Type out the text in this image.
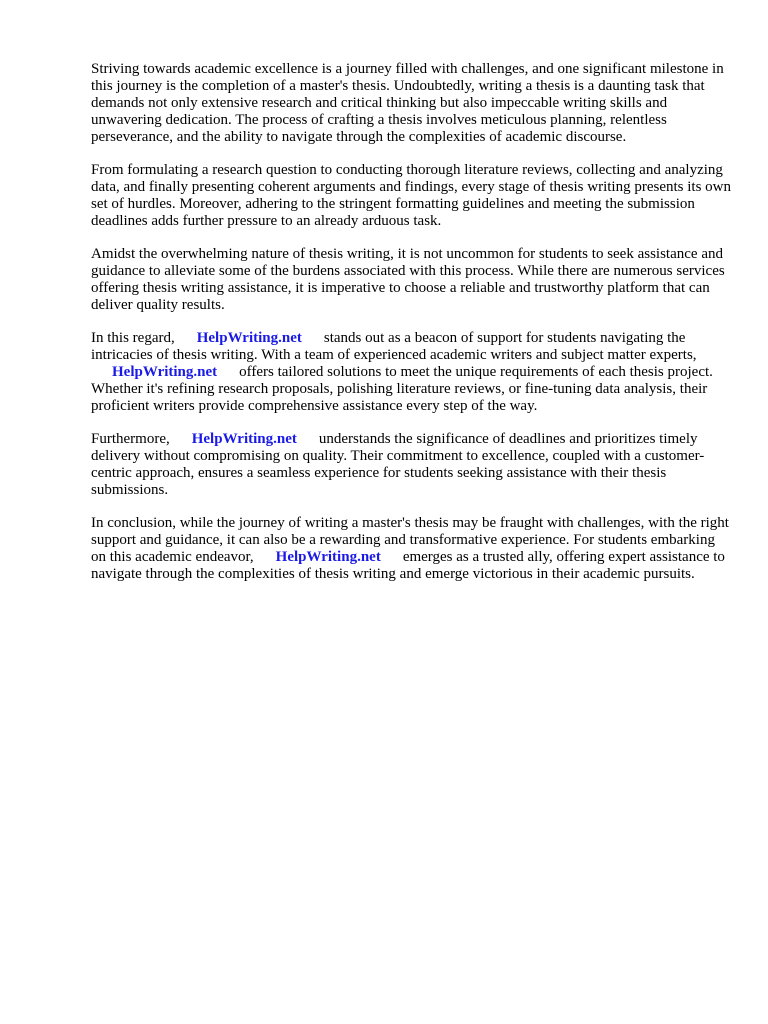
Striving towards academic excellence is a journey filled with challenges, and one significant milestone in this journey is the completion of a master's thesis. Undoubtedly, writing a thesis is a daunting task that demands not only extensive research and critical thinking but also impeccable writing skills and unwavering dedication. The process of crafting a thesis involves meticulous planning, relentless perseverance, and the ability to navigate through the complexities of academic discourse.

From formulating a research question to conducting thorough literature reviews, collecting and analyzing data, and finally presenting coherent arguments and findings, every stage of thesis writing presents its own set of hurdles. Moreover, adhering to the stringent formatting guidelines and meeting the submission deadlines adds further pressure to an already arduous task.

Amidst the overwhelming nature of thesis writing, it is not uncommon for students to seek assistance and guidance to alleviate some of the burdens associated with this process. While there are numerous services offering thesis writing assistance, it is imperative to choose a reliable and trustworthy platform that can deliver quality results.

In this regard, HelpWriting.net stands out as a beacon of support for students navigating the intricacies of thesis writing. With a team of experienced academic writers and subject matter experts,
HelpWriting.net offers tailored solutions to meet the unique requirements of each thesis project. Whether it's refining research proposals, polishing literature reviews, or fine-tuning data analysis, their proficient writers provide comprehensive assistance every step of the way.

Furthermore, HelpWriting.net understands the significance of deadlines and prioritizes timely delivery without compromising on quality. Their commitment to excellence, coupled with a customer-centric approach, ensures a seamless experience for students seeking assistance with their thesis submissions.

In conclusion, while the journey of writing a master's thesis may be fraught with challenges, with the right support and guidance, it can also be a rewarding and transformative experience. For students embarking on this academic endeavor, HelpWriting.net emerges as a trusted ally, offering expert assistance to navigate through the complexities of thesis writing and emerge victorious in their academic pursuits.
